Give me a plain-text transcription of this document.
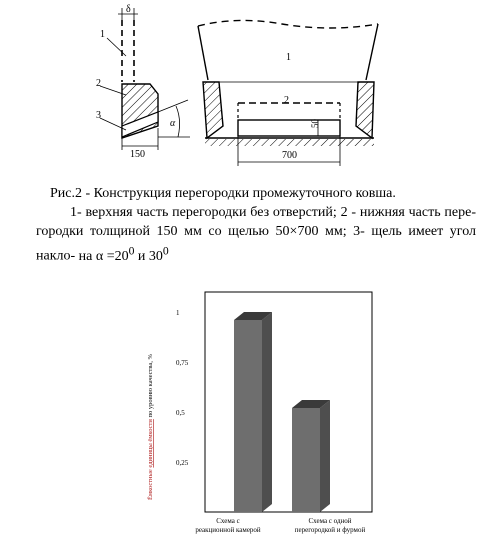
1
2
3
δ
α
150
1
2
50
700
Рис.2 - Конструкция перегородки промежуточного ковша.
1- верхняя часть перегородки без отверстий; 2 - нижняя часть пере- городки толщиной 150 мм со щелью 50×700 мм; 3- щель имеет угол накло- на $\alpha =20^0$ и $30^0$
1
0,75
0,5
0,25
Ёмкостные единицы ёмкости по уровню качества, %
Схема с
реакционной камерой
Схема с одной
перегородкой и фурмой
